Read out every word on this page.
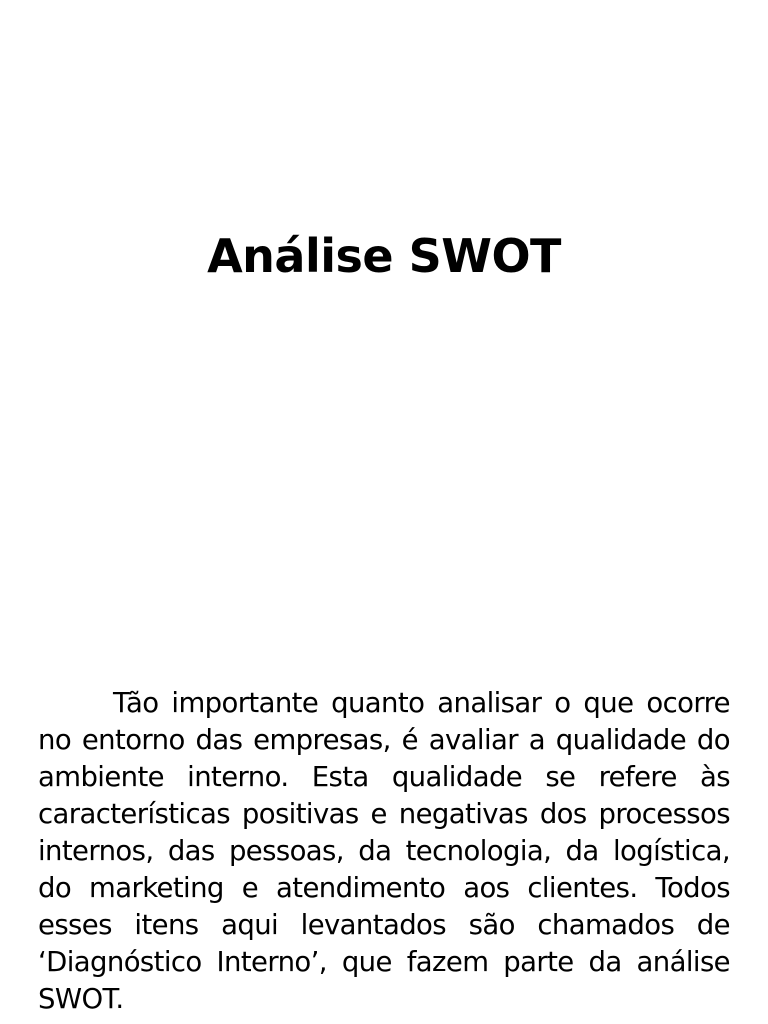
Análise SWOT

Tão importante quanto analisar o que ocorre no entorno das empresas, é avaliar a qualidade do ambiente interno. Esta qualidade se refere às características positivas e negativas dos processos internos, das pessoas, da tecnologia, da logística, do marketing e atendimento aos clientes. Todos esses itens aqui levantados são chamados de ‘Diagnóstico Interno’, que fazem parte da análise SWOT.
